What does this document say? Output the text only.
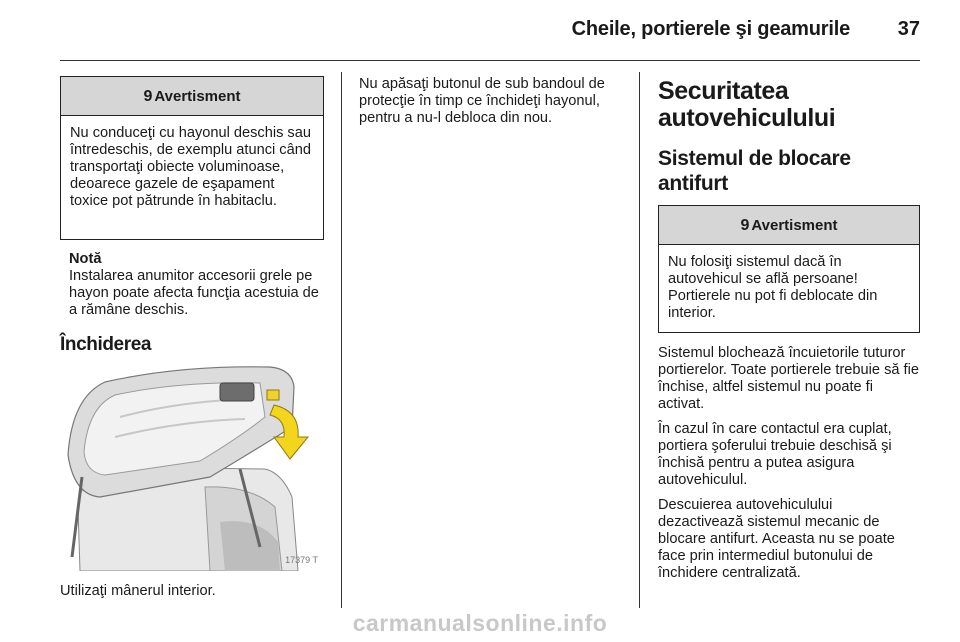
Cheile, portierele şi geamurile 37
9 Avertisment

Nu conduceţi cu hayonul deschis sau întredeschis, de exemplu atunci când transportaţi obiecte voluminoase, deoarece gazele de eşapament toxice pot pătrunde în habitaclu.

Notă

Instalarea anumitor accesorii grele pe hayon poate afecta funcţia acestuia de a rămâne deschis.

Închiderea
17379 T
Utilizaţi mânerul interior.

Nu apăsaţi butonul de sub bandoul de protecţie în timp ce închideţi hayonul, pentru a nu-l debloca din nou.

Securitatea autovehiculului
Sistemul de blocare antifurt
9 Avertisment

Nu folosiţi sistemul dacă în autovehicul se află persoane! Portierele nu pot fi deblocate din interior.

Sistemul blochează încuietorile tuturor portierelor. Toate portierele trebuie să fie închise, altfel sistemul nu poate fi activat.

În cazul în care contactul era cuplat, portiera şoferului trebuie deschisă şi închisă pentru a putea asigura autovehiculul.

Descuierea autovehiculului dezactivează sistemul mecanic de blocare antifurt. Aceasta nu se poate face prin intermediul butonului de închidere centralizată.

carmanualsonline.info
